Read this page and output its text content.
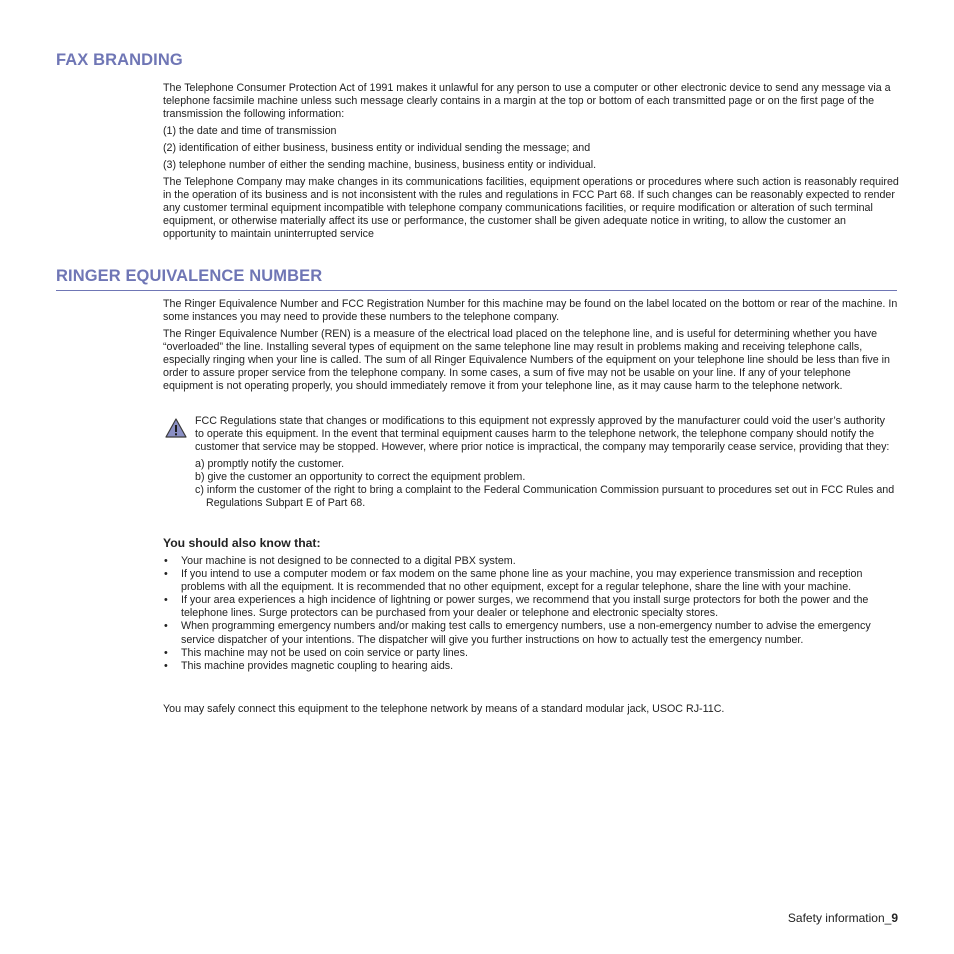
FAX BRANDING

The Telephone Consumer Protection Act of 1991 makes it unlawful for any person to use a computer or other electronic device to send any message via a telephone facsimile machine unless such message clearly contains in a margin at the top or bottom of each transmitted page or on the first page of the transmission the following information:

(1) the date and time of transmission

(2) identification of either business, business entity or individual sending the message; and

(3) telephone number of either the sending machine, business, business entity or individual.

The Telephone Company may make changes in its communications facilities, equipment operations or procedures where such action is reasonably required in the operation of its business and is not inconsistent with the rules and regulations in FCC Part 68. If such changes can be reasonably expected to render any customer terminal equipment incompatible with telephone company communications facilities, or require modification or alteration of such terminal equipment, or otherwise materially affect its use or performance, the customer shall be given adequate notice in writing, to allow the customer an opportunity to maintain uninterrupted service

RINGER EQUIVALENCE NUMBER

The Ringer Equivalence Number and FCC Registration Number for this machine may be found on the label located on the bottom or rear of the machine. In some instances you may need to provide these numbers to the telephone company.

The Ringer Equivalence Number (REN) is a measure of the electrical load placed on the telephone line, and is useful for determining whether you have “overloaded” the line. Installing several types of equipment on the same telephone line may result in problems making and receiving telephone calls, especially ringing when your line is called. The sum of all Ringer Equivalence Numbers of the equipment on your telephone line should be less than five in order to assure proper service from the telephone company. In some cases, a sum of five may not be usable on your line. If any of your telephone equipment is not operating properly, you should immediately remove it from your telephone line, as it may cause harm to the telephone network.

FCC Regulations state that changes or modifications to this equipment not expressly approved by the manufacturer could void the user’s authority to operate this equipment. In the event that terminal equipment causes harm to the telephone network, the telephone company should notify the customer that service may be stopped. However, where prior notice is impractical, the company may temporarily cease service, providing that they:

a) promptly notify the customer.
b) give the customer an opportunity to correct the equipment problem.
c) inform the customer of the right to bring a complaint to the Federal Communication Commission pursuant to procedures set out in FCC Rules and Regulations Subpart E of Part 68.
You should also know that:
• Your machine is not designed to be connected to a digital PBX system.
• If you intend to use a computer modem or fax modem on the same phone line as your machine, you may experience transmission and reception problems with all the equipment. It is recommended that no other equipment, except for a regular telephone, share the line with your machine.
• If your area experiences a high incidence of lightning or power surges, we recommend that you install surge protectors for both the power and the telephone lines. Surge protectors can be purchased from your dealer or telephone and electronic specialty stores.
• When programming emergency numbers and/or making test calls to emergency numbers, use a non-emergency number to advise the emergency service dispatcher of your intentions. The dispatcher will give you further instructions on how to actually test the emergency number.
• This machine may not be used on coin service or party lines.
• This machine provides magnetic coupling to hearing aids.

You may safely connect this equipment to the telephone network by means of a standard modular jack, USOC RJ-11C.

Safety information_9
